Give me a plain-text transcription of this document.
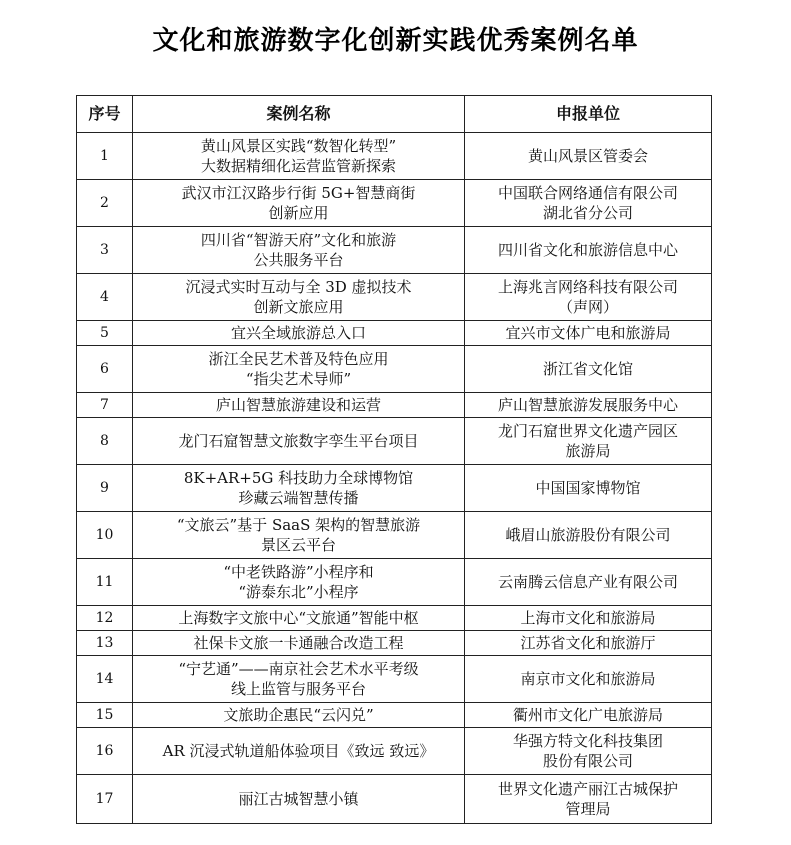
文化和旅游数字化创新实践优秀案例名单
序号	案例名称	申报单位
1	黄山风景区实践“数智化转型”
大数据精细化运营监管新探索	黄山风景区管委会

2	武汉市江汉路步行街 5G+智慧商街
创新应用	中国联合网络通信有限公司
湖北省分公司

3	四川省“智游天府”文化和旅游
公共服务平台	四川省文化和旅游信息中心

4	沉浸式实时互动与全 3D 虚拟技术
创新文旅应用	上海兆言网络科技有限公司
（声网）

5	宜兴全域旅游总入口	宜兴市文体广电和旅游局

6	浙江全民艺术普及特色应用
“指尖艺术导师”	浙江省文化馆

7	庐山智慧旅游建设和运营	庐山智慧旅游发展服务中心

8	龙门石窟智慧文旅数字孪生平台项目	龙门石窟世界文化遗产园区
旅游局

9	8K+AR+5G 科技助力全球博物馆
珍藏云端智慧传播	中国国家博物馆

10	“文旅云”基于 SaaS 架构的智慧旅游
景区云平台	峨眉山旅游股份有限公司

11	“中老铁路游”小程序和
“游泰东北”小程序	云南腾云信息产业有限公司

12	上海数字文旅中心“文旅通”智能中枢	上海市文化和旅游局

13	社保卡文旅一卡通融合改造工程	江苏省文化和旅游厅

14	“宁艺通”——南京社会艺术水平考级
线上监管与服务平台	南京市文化和旅游局

15	文旅助企惠民“云闪兑”	衢州市文化广电旅游局

16	AR 沉浸式轨道船体验项目《致远 致远》	华强方特文化科技集团
股份有限公司

17	丽江古城智慧小镇	世界文化遗产丽江古城保护
管理局
